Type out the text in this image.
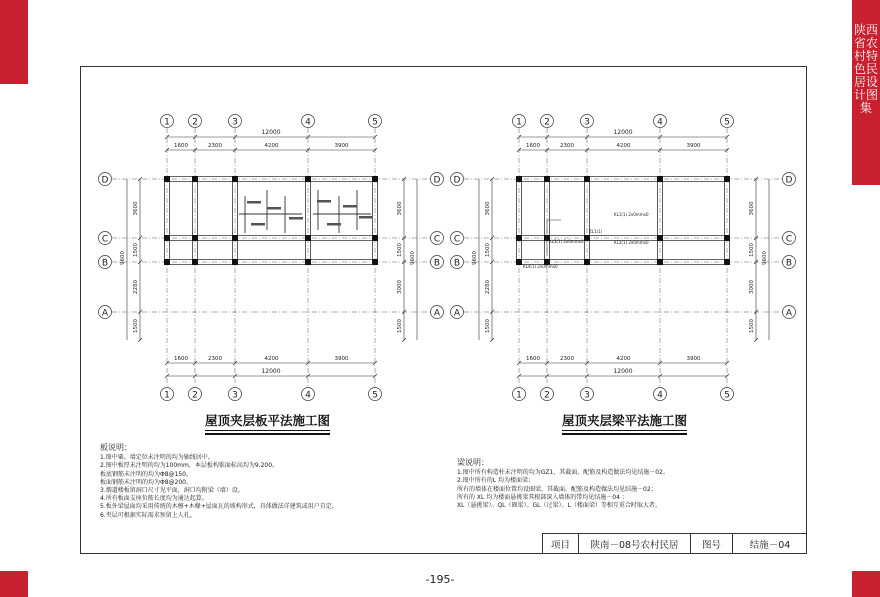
陕西省农村特色民居设计图集
1
1
2
2
3
3
4
4
5
5
D	D
C	C
B	B
A	A
12000
1600	2300	4200	3900
1600	2300	4200	3900
12000
3600
1500
9600
2280
1500
3600
1500
3000
9600
1500
1
1
2
2
3
3
4
4
5
5
D	D
C	C
B	B
A	A
12000
1600	2300	4200	3900
1600	2300	4200	3900
12000
3600
1500
9600
2280
1500
3600
1500
3000
9600
1500
KL1(1) 2x0mmx0
KL2(1) 2x0mmx0
KL3(1) 2x0mmx0
KL4(1) 2x0mmx0
ZL1(1)
屋顶夹层板平法施工图	屋顶夹层梁平法施工图
板说明：
1.图中粟。墙定位未注明的均为轴线居中。
2.图中板厚未注明的均为100mm，本层板构锥面标高均为9.200。
板底钢筋未注明的均为Φ8@150。
板面钢筋未注明的均为Φ8@200。
3.烟道楼板留洞口尺寸见平面，洞口均附梁（墙）设。
4.所有板面支座负筋长度均为通达起算。
5.板外梁屋面均采用传统的木檩+木椽+屋面瓦的坡构形式，具体做法详建筑或用户自定。
6.夹层可根据实际需求预留上人孔。
梁说明：
1.图中所有构造柱未注明的均为GZ1，其截面。配筋及构造做法均见结施－02。
2.图中所有的L 均为楼面梁；
所有的墙体在楼面位置均设圈梁，其截面。配筋及构造做法均见结施－02；
所有的 XL 均为楼面悬挑梁其根部深入墙体的带均见结施－04 ；
XL（悬挑梁）。QL（圈梁）。GL（过梁）。L（楼面梁）等相互重合时取大者。
项目	陕南－08号农村民居	图号	结施－04
-195-
